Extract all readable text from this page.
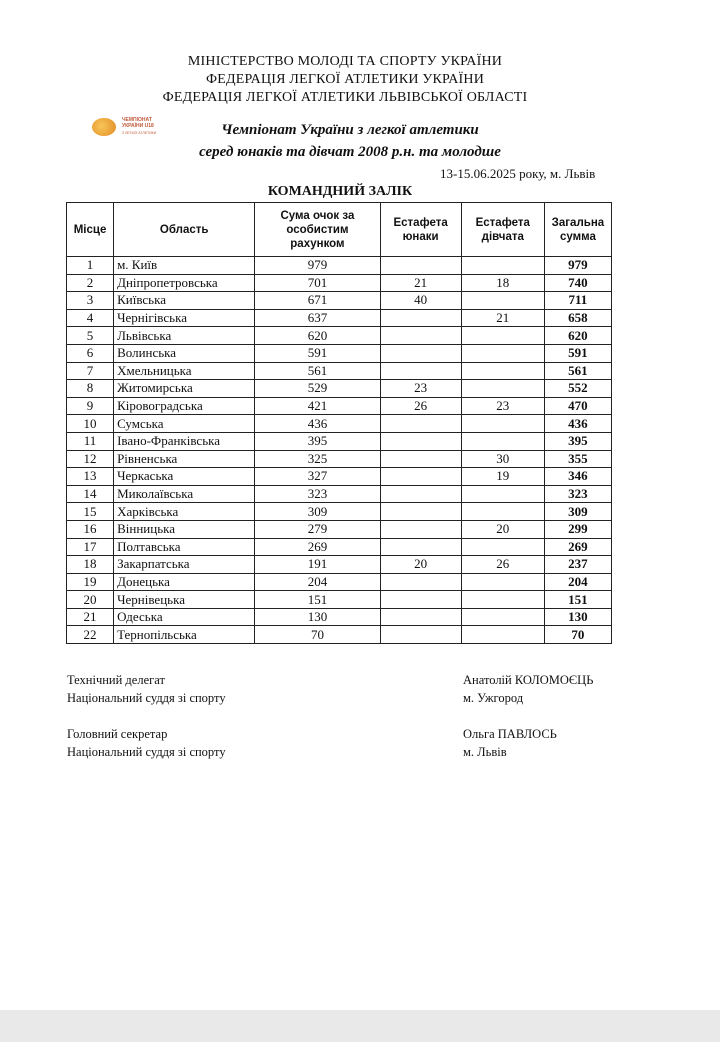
МІНІСТЕРСТВО МОЛОДІ ТА СПОРТУ УКРАЇНИ
ФЕДЕРАЦІЯ ЛЕГКОЇ АТЛЕТИКИ УКРАЇНИ
ФЕДЕРАЦІЯ ЛЕГКОЇ АТЛЕТИКИ ЛЬВІВСЬКОЇ ОБЛАСТІ
ЧЕМПІОНАТ
УКРАЇНИ U18
З ЛЕГКОЇ АТЛЕТИКИ	Чемпіонат України з легкої атлетики
серед юнаків та дівчат 2008 р.н. та молодше
13-15.06.2025 року, м. Львів
КОМАНДНИЙ ЗАЛІК
Місце	Область	Сума очок за особистим рахунком	Естафета юнаки	Естафета дівчата	Загальна сумма
1	м. Київ	979			979
2	Дніпропетровська	701	21	18	740
3	Київська	671	40		711
4	Чернігівська	637		21	658
5	Львівська	620			620
6	Волинська	591			591
7	Хмельницька	561			561
8	Житомирська	529	23		552
9	Кіровоградська	421	26	23	470
10	Сумська	436			436
11	Івано-Франківська	395			395
12	Рівненська	325		30	355
13	Черкаська	327		19	346
14	Миколаївська	323			323
15	Харківська	309			309
16	Вінницька	279		20	299
17	Полтавська	269			269
18	Закарпатська	191	20	26	237
19	Донецька	204			204
20	Чернівецька	151			151
21	Одеська	130			130
22	Тернопільська	70			70
Технічний делегат
Національний суддя зі спорту
Анатолій КОЛОМОЄЦЬ
м. Ужгород
Головний секретар
Національний суддя зі спорту
Ольга ПАВЛОСЬ
м. Львів
